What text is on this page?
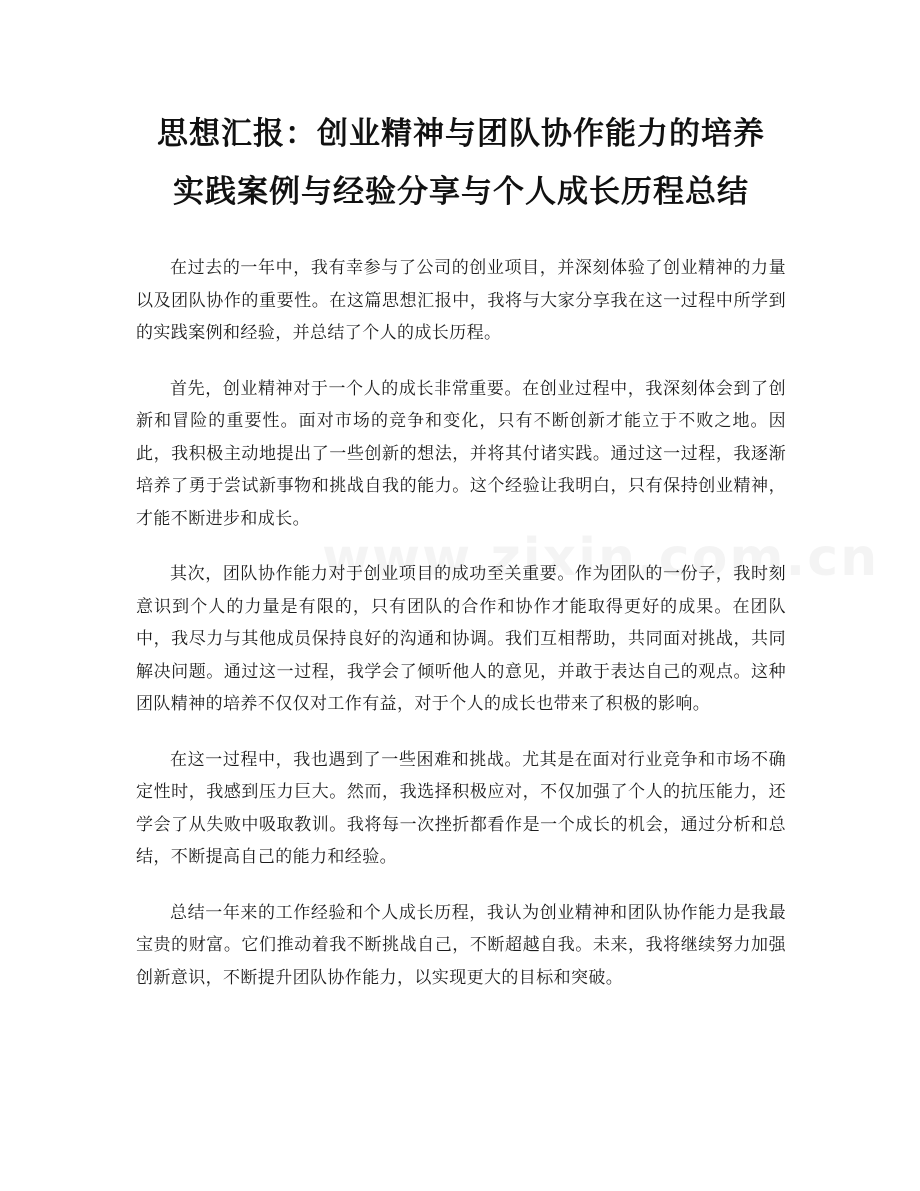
思想汇报：创业精神与团队协作能力的培养
实践案例与经验分享与个人成长历程总结

在过去的一年中，我有幸参与了公司的创业项目，并深刻体验了创业精神的力量以及团队协作的重要性。在这篇思想汇报中，我将与大家分享我在这一过程中所学到的实践案例和经验，并总结了个人的成长历程。

首先，创业精神对于一个人的成长非常重要。在创业过程中，我深刻体会到了创新和冒险的重要性。面对市场的竞争和变化，只有不断创新才能立于不败之地。因此，我积极主动地提出了一些创新的想法，并将其付诸实践。通过这一过程，我逐渐培养了勇于尝试新事物和挑战自我的能力。这个经验让我明白，只有保持创业精神，才能不断进步和成长。

其次，团队协作能力对于创业项目的成功至关重要。作为团队的一份子，我时刻意识到个人的力量是有限的，只有团队的合作和协作才能取得更好的成果。在团队中，我尽力与其他成员保持良好的沟通和协调。我们互相帮助，共同面对挑战，共同解决问题。通过这一过程，我学会了倾听他人的意见，并敢于表达自己的观点。这种团队精神的培养不仅仅对工作有益，对于个人的成长也带来了积极的影响。

在这一过程中，我也遇到了一些困难和挑战。尤其是在面对行业竞争和市场不确定性时，我感到压力巨大。然而，我选择积极应对，不仅加强了个人的抗压能力，还学会了从失败中吸取教训。我将每一次挫折都看作是一个成长的机会，通过分析和总结，不断提高自己的能力和经验。

总结一年来的工作经验和个人成长历程，我认为创业精神和团队协作能力是我最宝贵的财富。它们推动着我不断挑战自己，不断超越自我。未来，我将继续努力加强创新意识，不断提升团队协作能力，以实现更大的目标和突破。
